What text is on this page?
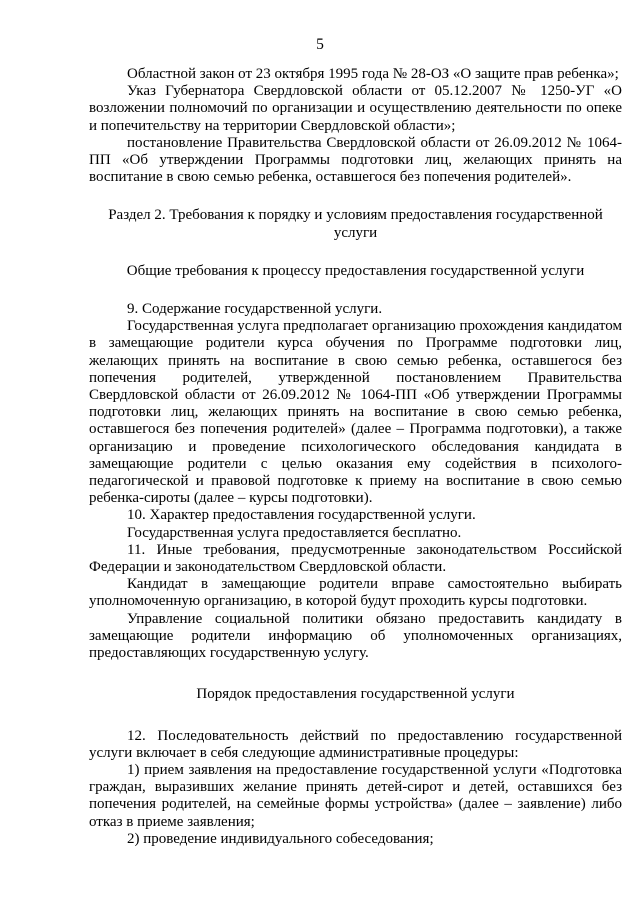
5

Областной закон от 23 октября 1995 года № 28-ОЗ «О защите прав ребенка»;

Указ Губернатора Свердловской области от 05.12.2007 № 1250-УГ «О возложении полномочий по организации и осуществлению деятельности по опеке и попечительству на территории Свердловской области»;

постановление Правительства Свердловской области от 26.09.2012 № 1064-ПП «Об утверждении Программы подготовки лиц, желающих принять на воспитание в свою семью ребенка, оставшегося без попечения родителей».

Раздел 2. Требования к порядку и условиям предоставления государственной услуги

Общие требования к процессу предоставления государственной услуги

9. Содержание государственной услуги.

Государственная услуга предполагает организацию прохождения кандидатом в замещающие родители курса обучения по Программе подготовки лиц, желающих принять на воспитание в свою семью ребенка, оставшегося без попечения родителей, утвержденной постановлением Правительства Свердловской области от 26.09.2012 № 1064-ПП «Об утверждении Программы подготовки лиц, желающих принять на воспитание в свою семью ребенка, оставшегося без попечения родителей» (далее – Программа подготовки), а также организацию и проведение психологического обследования кандидата в замещающие родители с целью оказания ему содействия в психолого-педагогической и правовой подготовке к приему на воспитание в свою семью ребенка-сироты (далее – курсы подготовки).

10. Характер предоставления государственной услуги.

Государственная услуга предоставляется бесплатно.

11. Иные требования, предусмотренные законодательством Российской Федерации и законодательством Свердловской области.

Кандидат в замещающие родители вправе самостоятельно выбирать уполномоченную организацию, в которой будут проходить курсы подготовки.

Управление социальной политики обязано предоставить кандидату в замещающие родители информацию об уполномоченных организациях, предоставляющих государственную услугу.

Порядок предоставления государственной услуги

12. Последовательность действий по предоставлению государственной услуги включает в себя следующие административные процедуры:

1) прием заявления на предоставление государственной услуги «Подготовка граждан, выразивших желание принять детей-сирот и детей, оставшихся без попечения родителей, на семейные формы устройства» (далее – заявление) либо отказ в приеме заявления;

2) проведение индивидуального собеседования;
